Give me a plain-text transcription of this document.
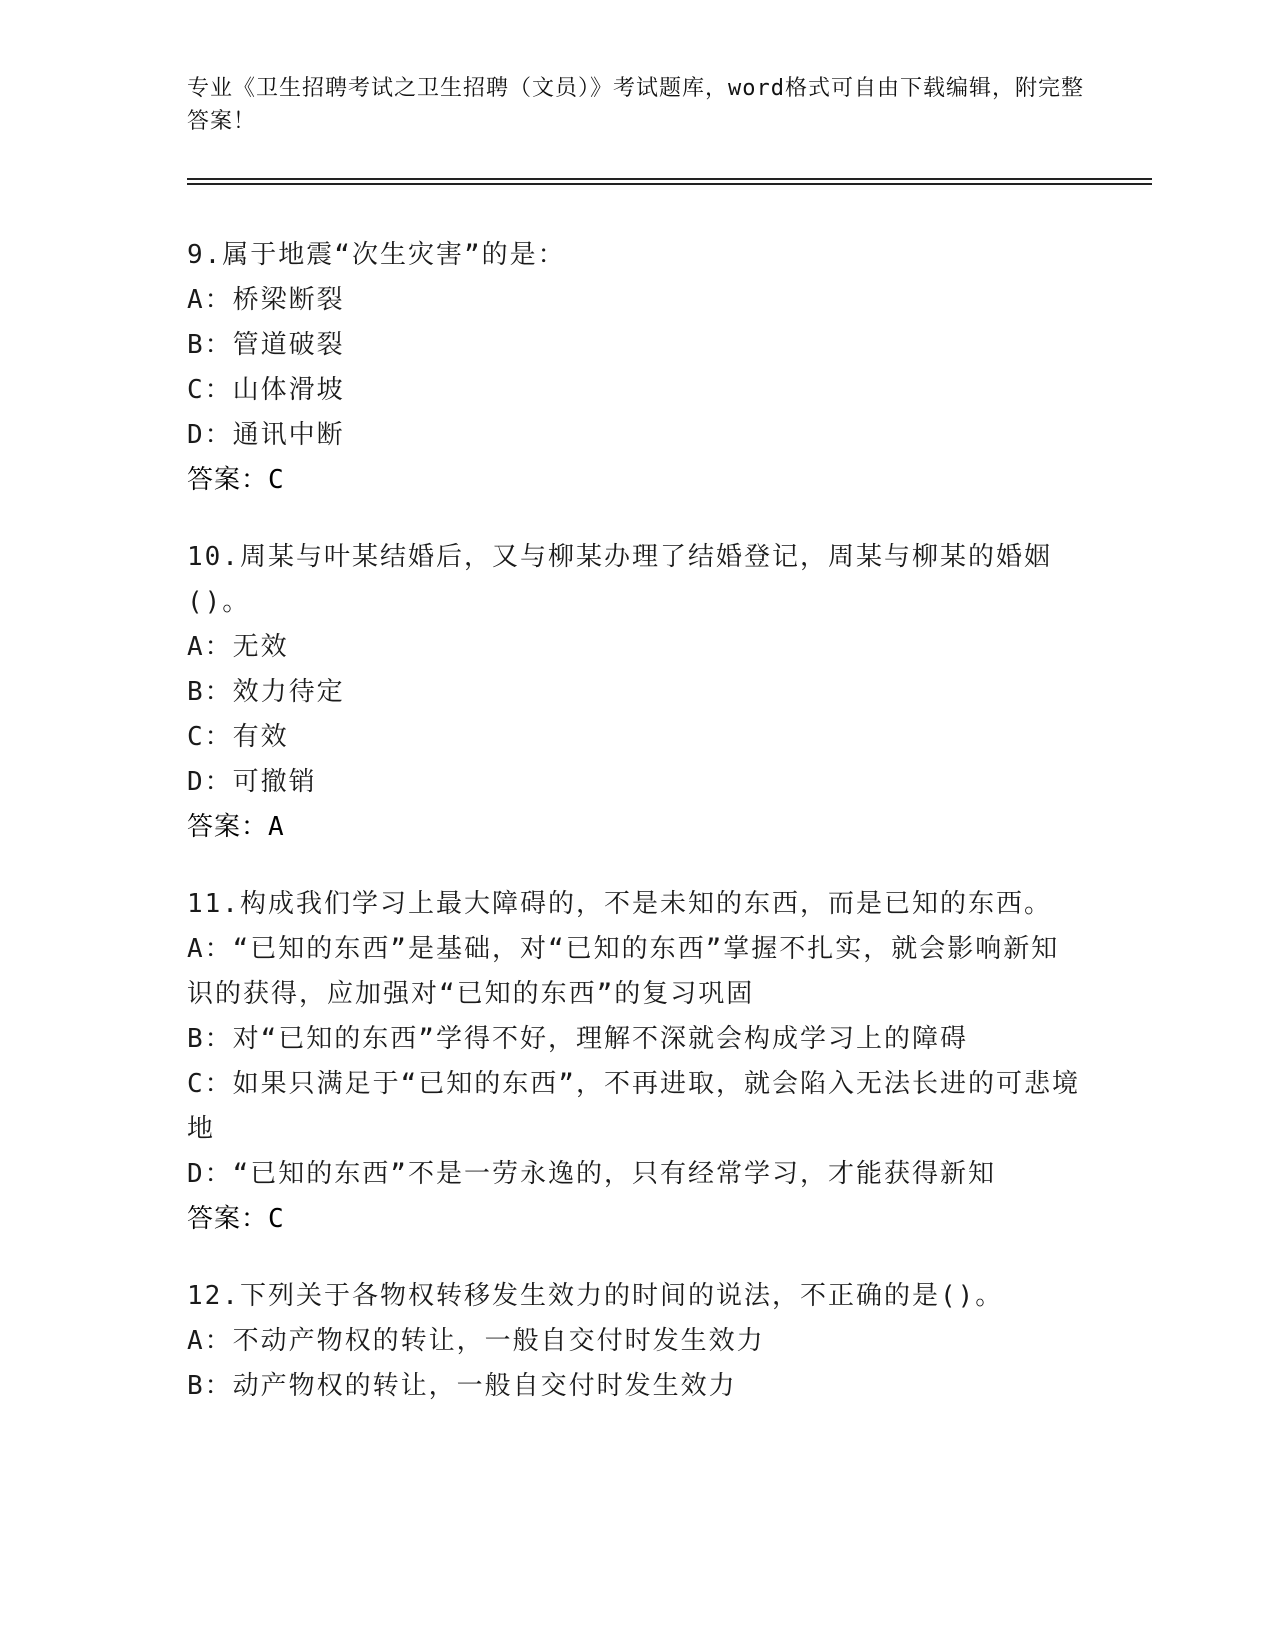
专业《卫生招聘考试之卫生招聘（文员）》考试题库，word格式可自由下载编辑，附完整答案！

9.属于地震“次生灾害”的是：

A：桥梁断裂

B：管道破裂

C：山体滑坡

D：通讯中断

答案：C

10.周某与叶某结婚后，又与柳某办理了结婚登记，周某与柳某的婚姻()。

A：无效

B：效力待定

C：有效

D：可撤销

答案：A

11.构成我们学习上最大障碍的，不是未知的东西，而是已知的东西。

A：“已知的东西”是基础，对“已知的东西”掌握不扎实，就会影响新知识的获得，应加强对“已知的东西”的复习巩固

B：对“已知的东西”学得不好，理解不深就会构成学习上的障碍

C：如果只满足于“已知的东西”，不再进取，就会陷入无法长进的可悲境地

D：“已知的东西”不是一劳永逸的，只有经常学习，才能获得新知

答案：C

12.下列关于各物权转移发生效力的时间的说法，不正确的是()。

A：不动产物权的转让，一般自交付时发生效力

B：动产物权的转让，一般自交付时发生效力
